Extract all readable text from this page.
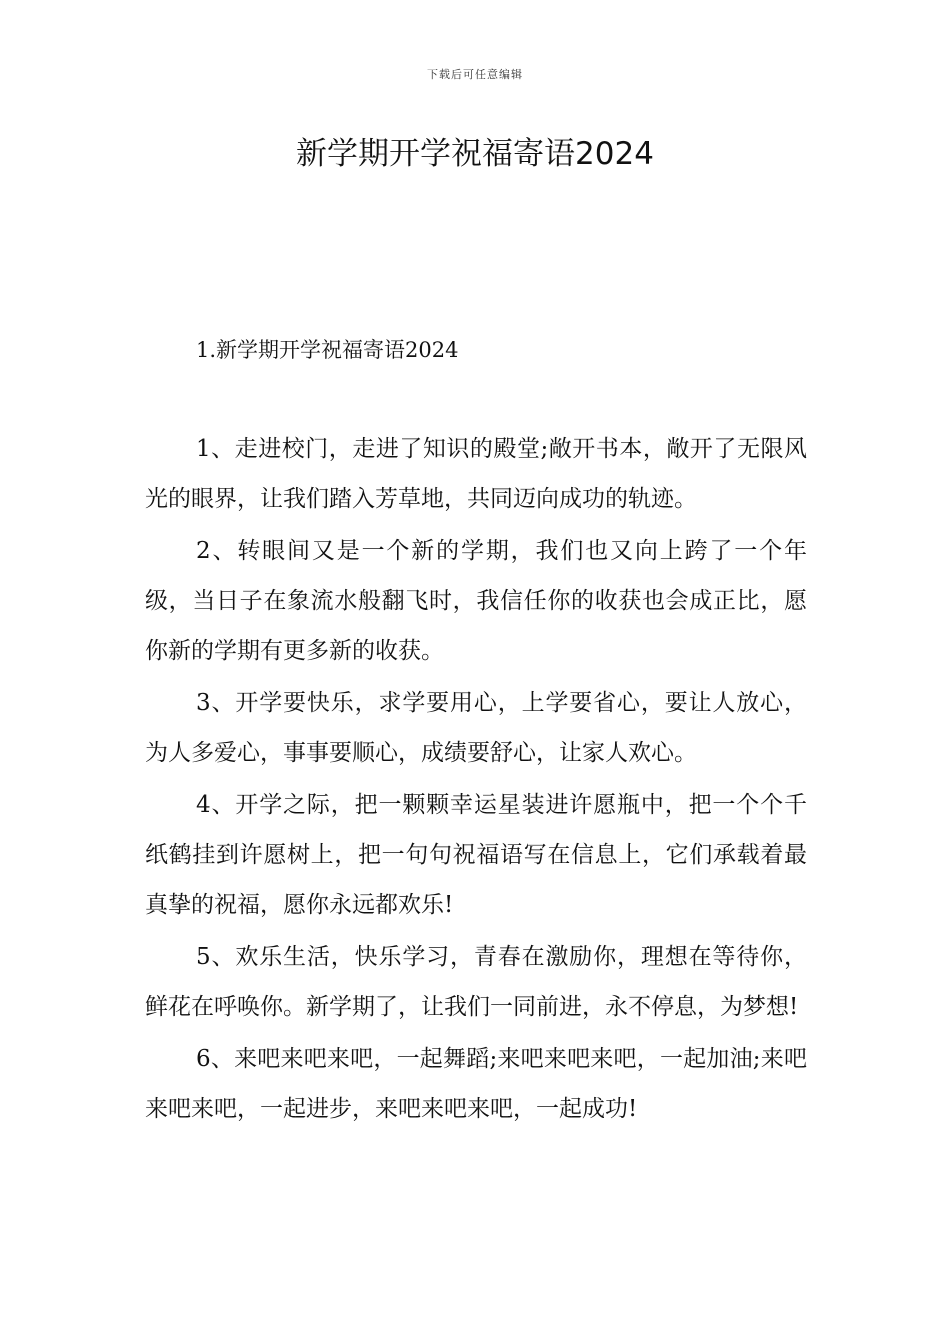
下载后可任意编辑
新学期开学祝福寄语2024
1.新学期开学祝福寄语2024

1、走进校门，走进了知识的殿堂;敞开书本，敞开了无限风光的眼界，让我们踏入芳草地，共同迈向成功的轨迹。

2、转眼间又是一个新的学期，我们也又向上跨了一个年级，当日子在象流水般翻飞时，我信任你的收获也会成正比，愿你新的学期有更多新的收获。

3、开学要快乐，求学要用心，上学要省心，要让人放心，为人多爱心，事事要顺心，成绩要舒心，让家人欢心。

4、开学之际，把一颗颗幸运星装进许愿瓶中，把一个个千纸鹤挂到许愿树上，把一句句祝福语写在信息上，它们承载着最真挚的祝福，愿你永远都欢乐!

5、欢乐生活，快乐学习，青春在激励你，理想在等待你，鲜花在呼唤你。新学期了，让我们一同前进，永不停息，为梦想!

6、来吧来吧来吧，一起舞蹈;来吧来吧来吧，一起加油;来吧来吧来吧，一起进步，来吧来吧来吧，一起成功!
